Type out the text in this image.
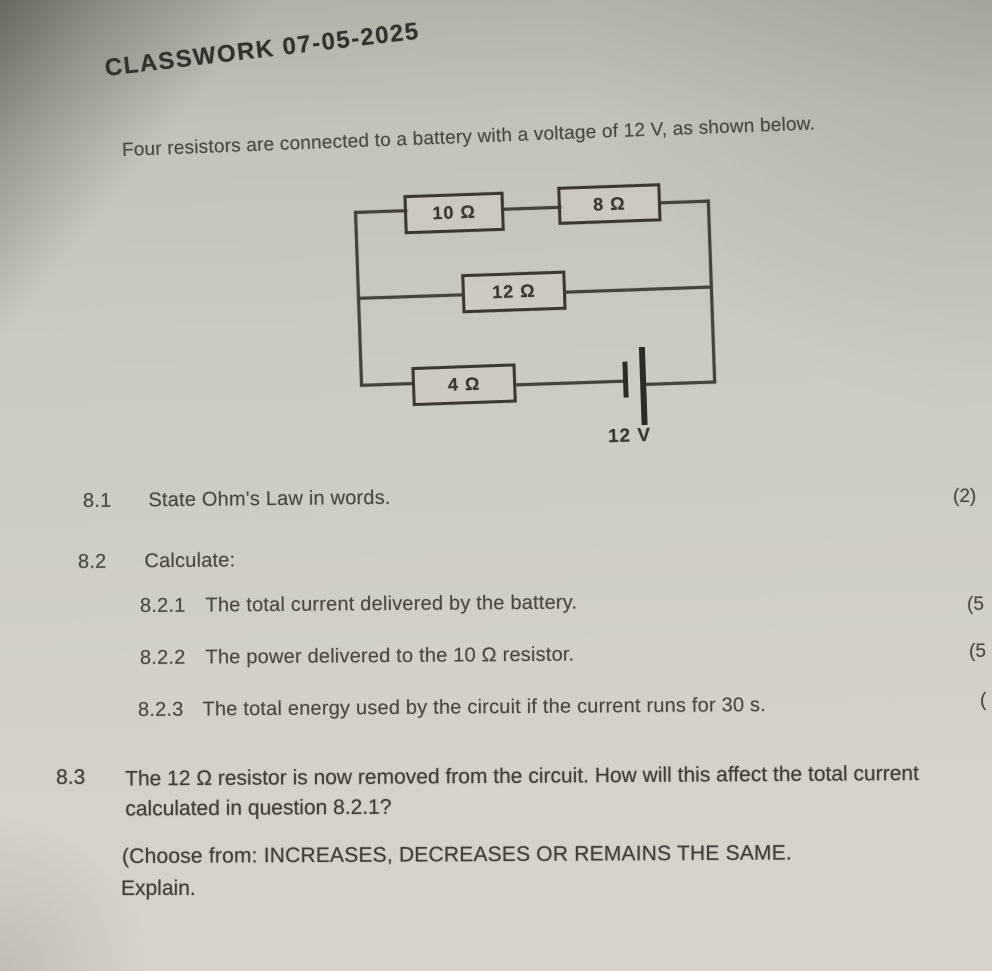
CLASSWORK 07-05-2025
Four resistors are connected to a battery with a voltage of 12 V, as shown below.
10 Ω	8 Ω
12 Ω
4 Ω
12 V
8.1 State Ohm's Law in words.	(2)
8.2 Calculate:
8.2.1 The total current delivered by the battery.	(5
8.2.2 The power delivered to the 10 Ω resistor.	(5
8.2.3 The total energy used by the circuit if the current runs for 30 s.	(
8.3 The 12 Ω resistor is now removed from the circuit. How will this affect the total current calculated in question 8.2.1?

(Choose from: INCREASES, DECREASES OR REMAINS THE SAME.
Explain.
